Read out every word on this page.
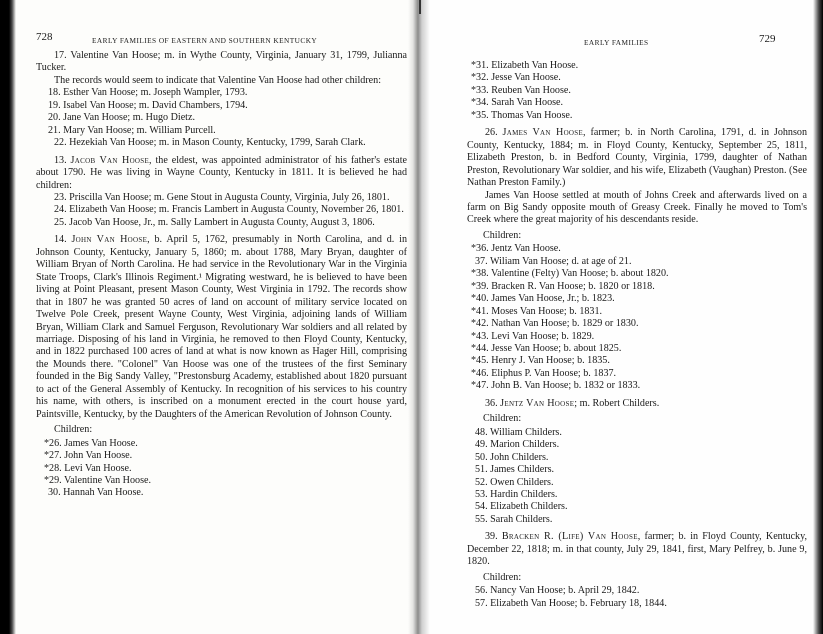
728	EARLY FAMILIES OF EASTERN AND SOUTHERN KENTUCKY

17. Valentine Van Hoose; m. in Wythe County, Virginia, January 31, 1799, Julianna Tucker.

The records would seem to indicate that Valentine Van Hoose had other children:

18. Esther Van Hoose; m. Joseph Wampler, 1793.

19. Isabel Van Hoose; m. David Chambers, 1794.

20. Jane Van Hoose; m. Hugo Dietz.

21. Mary Van Hoose; m. William Purcell.

22. Hezekiah Van Hoose; m. in Mason County, Kentucky, 1799, Sarah Clark.

13. Jacob Van Hoose, the eldest, was appointed administrator of his father's estate about 1790. He was living in Wayne County, Kentucky in 1811. It is believed he had children:

23. Priscilla Van Hoose; m. Gene Stout in Augusta County, Virginia, July 26, 1801.

24. Elizabeth Van Hoose; m. Francis Lambert in Augusta County, November 26, 1801.

25. Jacob Van Hoose, Jr., m. Sally Lambert in Augusta County, August 3, 1806.

14. John Van Hoose, b. April 5, 1762, presumably in North Carolina, and d. in Johnson County, Kentucky, January 5, 1860; m. about 1788, Mary Bryan, daughter of William Bryan of North Carolina. He had service in the Revolutionary War in the Virginia State Troops, Clark's Illinois Regiment.¹ Migrating westward, he is believed to have been living at Point Pleasant, present Mason County, West Virginia in 1792. The records show that in 1807 he was granted 50 acres of land on account of military service located on Twelve Pole Creek, present Wayne County, West Virginia, adjoining lands of William Bryan, William Clark and Samuel Ferguson, Revolutionary War soldiers and all related by marriage. Disposing of his land in Virginia, he removed to then Floyd County, Kentucky, and in 1822 purchased 100 acres of land at what is now known as Hager Hill, comprising the Mounds there. "Colonel" Van Hoose was one of the trustees of the first Seminary founded in the Big Sandy Valley, "Prestonsburg Academy, established about 1820 pursuant to act of the General Assembly of Kentucky. In recognition of his services to his country his name, with others, is inscribed on a monument erected in the court house yard, Paintsville, Kentucky, by the Daughters of the American Revolution of Johnson County.

Children:

*26. James Van Hoose.

*27. John Van Hoose.

*28. Levi Van Hoose.

*29. Valentine Van Hoose.

30. Hannah Van Hoose.

EARLY FAMILIES	729

*31. Elizabeth Van Hoose.

*32. Jesse Van Hoose.

*33. Reuben Van Hoose.

*34. Sarah Van Hoose.

*35. Thomas Van Hoose.

26. James Van Hoose, farmer; b. in North Carolina, 1791, d. in Johnson County, Kentucky, 1884; m. in Floyd County, Kentucky, September 25, 1811, Elizabeth Preston, b. in Bedford County, Virginia, 1799, daughter of Nathan Preston, Revolutionary War soldier, and his wife, Elizabeth (Vaughan) Preston. (See Nathan Preston Family.)

James Van Hoose settled at mouth of Johns Creek and afterwards lived on a farm on Big Sandy opposite mouth of Greasy Creek. Finally he moved to Tom's Creek where the great majority of his descendants reside.

Children:

*36. Jentz Van Hoose.

37. Wiliam Van Hoose; d. at age of 21.

*38. Valentine (Felty) Van Hoose; b. about 1820.

*39. Bracken R. Van Hoose; b. 1820 or 1818.

*40. James Van Hoose, Jr.; b. 1823.

*41. Moses Van Hoose; b. 1831.

*42. Nathan Van Hoose; b. 1829 or 1830.

*43. Levi Van Hoose; b. 1829.

*44. Jesse Van Hoose; b. about 1825.

*45. Henry J. Van Hoose; b. 1835.

*46. Eliphus P. Van Hoose; b. 1837.

*47. John B. Van Hoose; b. 1832 or 1833.

36. Jentz Van Hoose; m. Robert Childers.

Children:

48. William Childers.

49. Marion Childers.

50. John Childers.

51. James Childers.

52. Owen Childers.

53. Hardin Childers.

54. Elizabeth Childers.

55. Sarah Childers.

39. Bracken R. (Life) Van Hoose, farmer; b. in Floyd County, Kentucky, December 22, 1818; m. in that county, July 29, 1841, first, Mary Pelfrey, b. June 9, 1820.

Children:

56. Nancy Van Hoose; b. April 29, 1842.

57. Elizabeth Van Hoose; b. February 18, 1844.
